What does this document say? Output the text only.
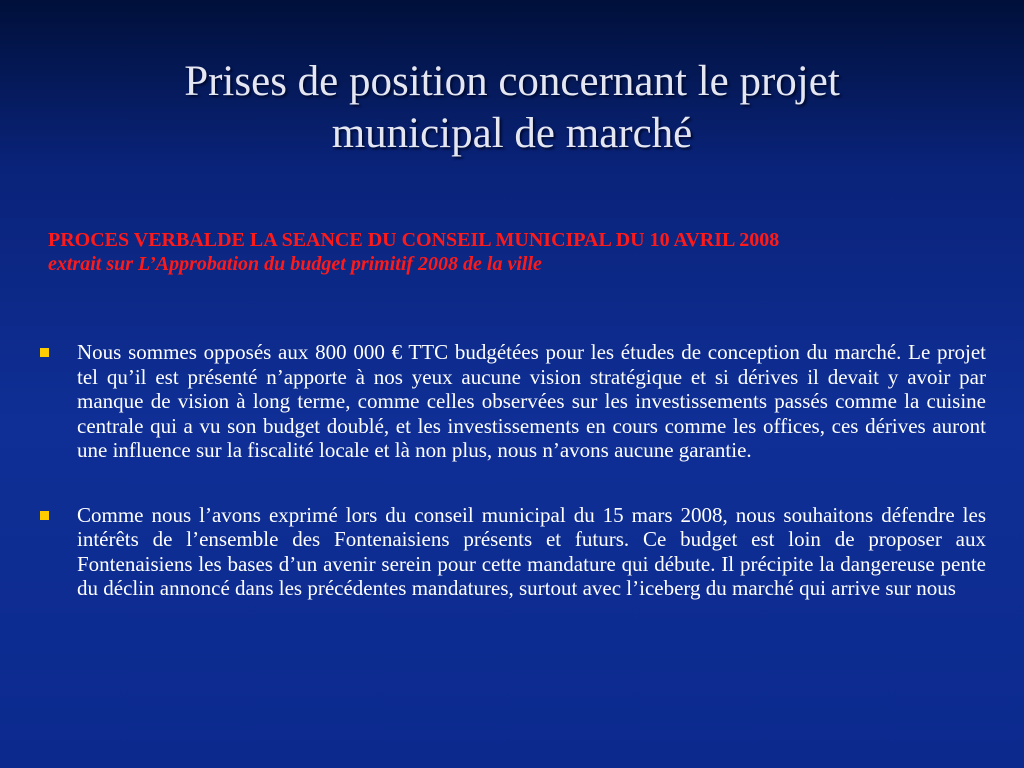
Prises de position concernant le projet
municipal de marché
PROCES VERBALDE LA SEANCE DU CONSEIL MUNICIPAL DU 10 AVRIL 2008
extrait sur L’Approbation du budget primitif 2008 de la ville
Nous sommes opposés aux 800 000 € TTC budgétées pour les études de conception du marché. Le projet tel qu’il est présenté n’apporte à nos yeux aucune vision stratégique et si dérives il devait y avoir par manque de vision à long terme, comme celles observées sur les investissements passés comme la cuisine centrale qui a vu son budget doublé, et les investissements en cours comme les offices, ces dérives auront une influence sur la fiscalité locale et là non plus, nous n’avons aucune garantie.
Comme nous l’avons exprimé lors du conseil municipal du 15 mars 2008, nous souhaitons défendre les intérêts de l’ensemble des Fontenaisiens présents et futurs. Ce budget est loin de proposer aux Fontenaisiens les bases d’un avenir serein pour cette mandature qui débute. Il précipite la dangereuse pente du déclin annoncé dans les précédentes mandatures, surtout avec l’iceberg du marché qui arrive sur nous
